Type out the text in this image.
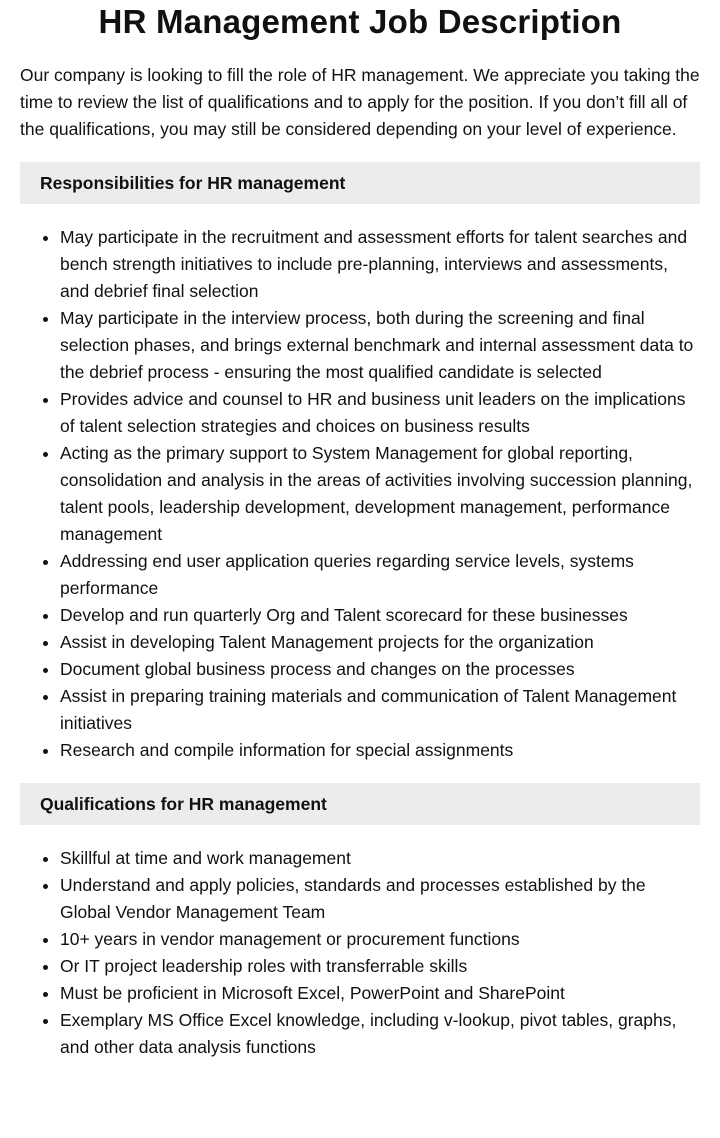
HR Management Job Description

Our company is looking to fill the role of HR management. We appreciate you taking the time to review the list of qualifications and to apply for the position. If you don’t fill all of the qualifications, you may still be considered depending on your level of experience.

Responsibilities for HR management
• May participate in the recruitment and assessment efforts for talent searches and bench strength initiatives to include pre-planning, interviews and assessments, and debrief final selection
• May participate in the interview process, both during the screening and final selection phases, and brings external benchmark and internal assessment data to the debrief process - ensuring the most qualified candidate is selected
• Provides advice and counsel to HR and business unit leaders on the implications of talent selection strategies and choices on business results
• Acting as the primary support to System Management for global reporting, consolidation and analysis in the areas of activities involving succession planning, talent pools, leadership development, development management, performance management
• Addressing end user application queries regarding service levels, systems performance
• Develop and run quarterly Org and Talent scorecard for these businesses
• Assist in developing Talent Management projects for the organization
• Document global business process and changes on the processes
• Assist in preparing training materials and communication of Talent Management initiatives
• Research and compile information for special assignments
Qualifications for HR management
• Skillful at time and work management
• Understand and apply policies, standards and processes established by the Global Vendor Management Team
• 10+ years in vendor management or procurement functions
• Or IT project leadership roles with transferrable skills
• Must be proficient in Microsoft Excel, PowerPoint and SharePoint
• Exemplary MS Office Excel knowledge, including v-lookup, pivot tables, graphs, and other data analysis functions
